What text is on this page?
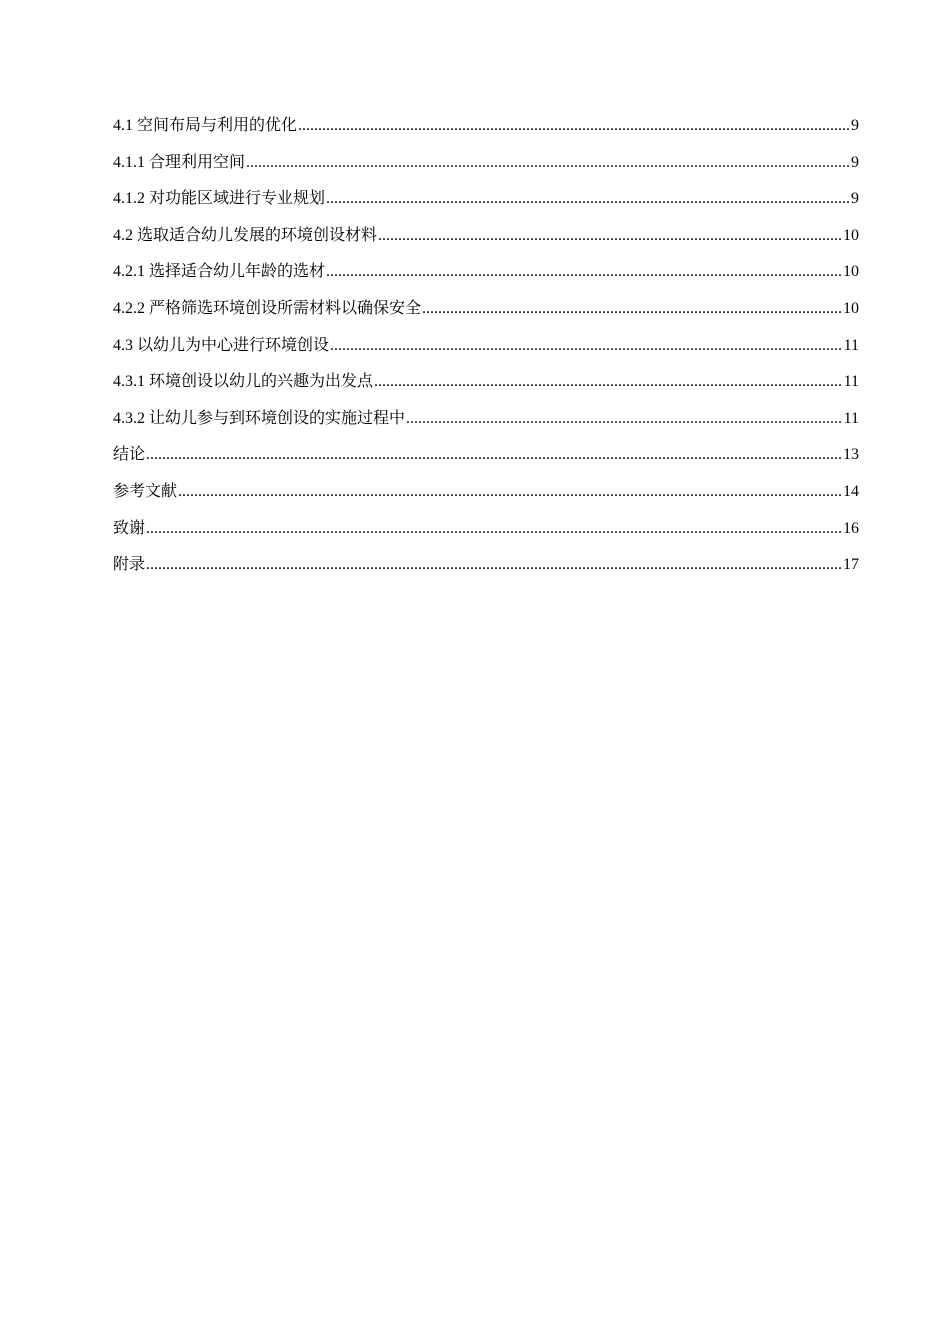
4.1 空间布局与利用的优化 .....	9
4.1.1 合理利用空间 .....	9
4.1.2 对功能区域进行专业规划 .....	9
4.2 选取适合幼儿发展的环境创设材料 .....	10
4.2.1 选择适合幼儿年龄的选材 .....	10
4.2.2 严格筛选环境创设所需材料以确保安全 .....	10
4.3 以幼儿为中心进行环境创设 .....	11
4.3.1 环境创设以幼儿的兴趣为出发点 .....	11
4.3.2 让幼儿参与到环境创设的实施过程中 .....	11
结论 .....	13
参考文献 .....	14
致谢 .....	16
附录 .....	17
